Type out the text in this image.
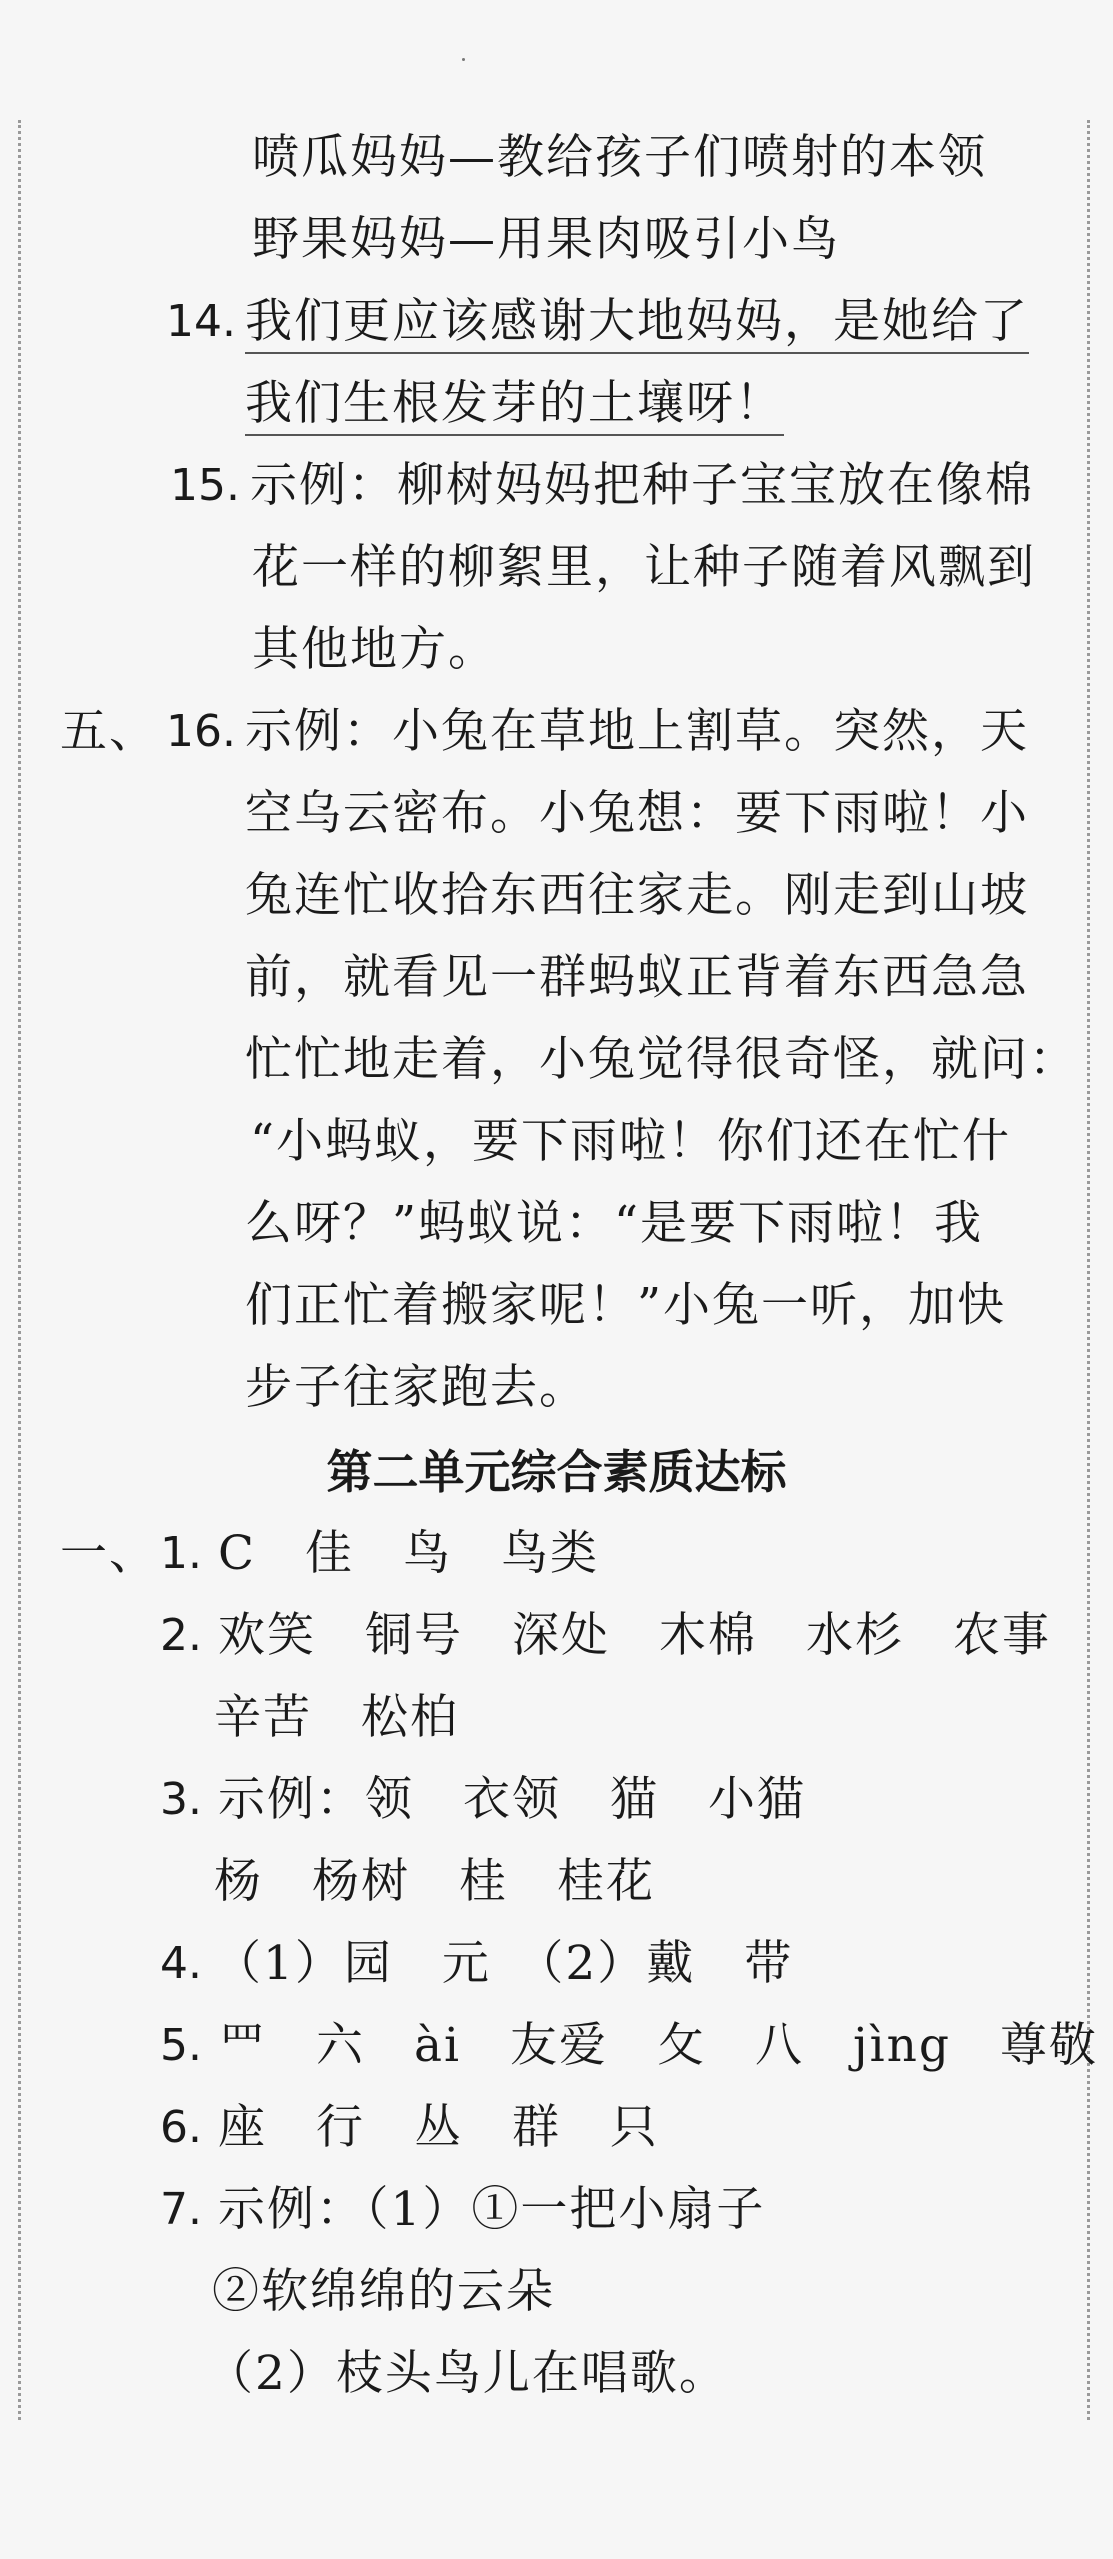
喷瓜妈妈—教给孩子们喷射的本领
野果妈妈—用果肉吸引小鸟
14. 我们更应该感谢大地妈妈，是她给了
我们生根发芽的土壤呀！
15. 示例：柳树妈妈把种子宝宝放在像棉
花一样的柳絮里，让种子随着风飘到
其他地方。
五、 16. 示例：小兔在草地上割草。突然，天
空乌云密布。小兔想：要下雨啦！小
兔连忙收拾东西往家走。刚走到山坡
前，就看见一群蚂蚁正背着东西急急
忙忙地走着，小兔觉得很奇怪，就问：
“小蚂蚁，要下雨啦！你们还在忙什
么呀？”蚂蚁说：“是要下雨啦！我
们正忙着搬家呢！”小兔一听，加快
步子往家跑去。
第二单元综合素质达标
一、 1. C　佳　鸟　鸟类
2. 欢笑　铜号　深处　木棉　水杉　农事
辛苦　松柏
3. 示例：领　衣领　猫　小猫
杨　杨树　桂　桂花
4. （1）园　元　（2）戴　带
5. 罒　六　ài　友爱　攵　八　jìng　尊敬
6. 座　行　丛　群　只
7. 示例：（1）①一把小扇子
②软绵绵的云朵
（2）枝头鸟儿在唱歌。
